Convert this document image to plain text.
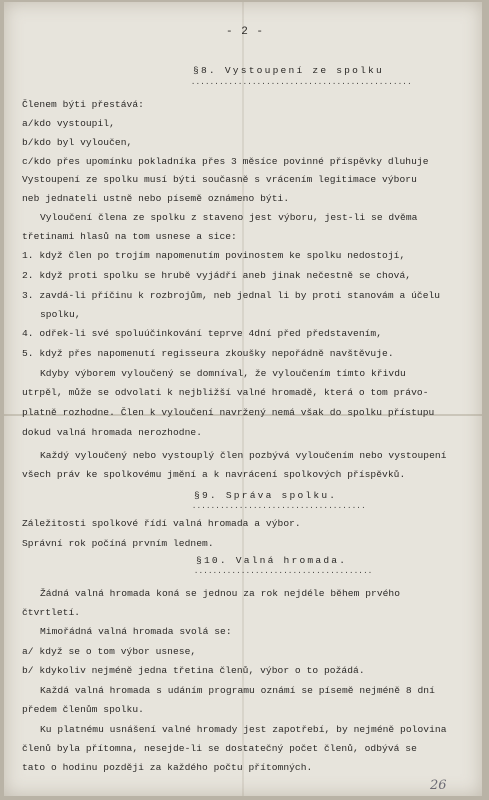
- 2 -
§8. Vystoupení ze spolku
...............................................
Členem býti přestává:
a/kdo vystoupil,
b/kdo byl vyloučen,
c/kdo přes upomínku pokladníka přes 3 měsíce povinné příspěvky dluhuje
Vystoupení ze spolku musí býti současně s vrácením legitimace výboru
neb jednateli ustně nebo písemě oznámeno býti.
Vyloučení člena ze spolku z staveno jest výboru, jest-li se dvěma
třetinami hlasů na tom usnese a sice:
1. když člen po trojím napomenutím povinostem ke spolku nedostojí,
2. když proti spolku se hrubě vyjádří aneb jinak nečestně se chová,
3. zavdá-li příčinu k rozbrojům, neb jednal li by proti stanovám a účelu
spolku,
4. odřek-li své spoluúčinkování teprve 4dní před představením,
5. když přes napomenutí regisseura zkoušky nepořádně navštěvuje.
Kdyby výborem vyloučený se domníval, že vyloučením tímto křivdu
utrpěl, může se odvolati k nejbližší valné hromadě, která o tom právo-
platně rozhodne. Člen k vyloučení navržený nemá však do spolku přístupu
dokud valná hromada nerozhodne.
Každý vyloučený nebo vystouplý člen pozbývá vyloučením nebo vystoupení
všech práv ke spolkovému jmění a k navrácení spolkových příspěvků.
§9. Správa spolku.
.....................................
Záležitosti spolkové řídí valná hromada a výbor.
Správní rok počíná prvním lednem.
§10. Valná hromada.
......................................
Žádná valná hromada koná se jednou za rok nejdéle během prvého
čtvrtletí.
Mimořádná valná hromada svolá se:
a/ když se o tom výbor usnese,
b/ kdykoliv nejméně jedna třetina členů, výbor o to požádá.
Každá valná hromada s udáním programu oznámí se písemě nejméně 8 dní
předem členům spolku.
Ku platnému usnášení valné hromady jest zapotřebí, by nejméně polovina
členů byla přítomna, nesejde-li se dostatečný počet členů, odbývá se
tato o hodinu později za každého počtu přítomných.
26
